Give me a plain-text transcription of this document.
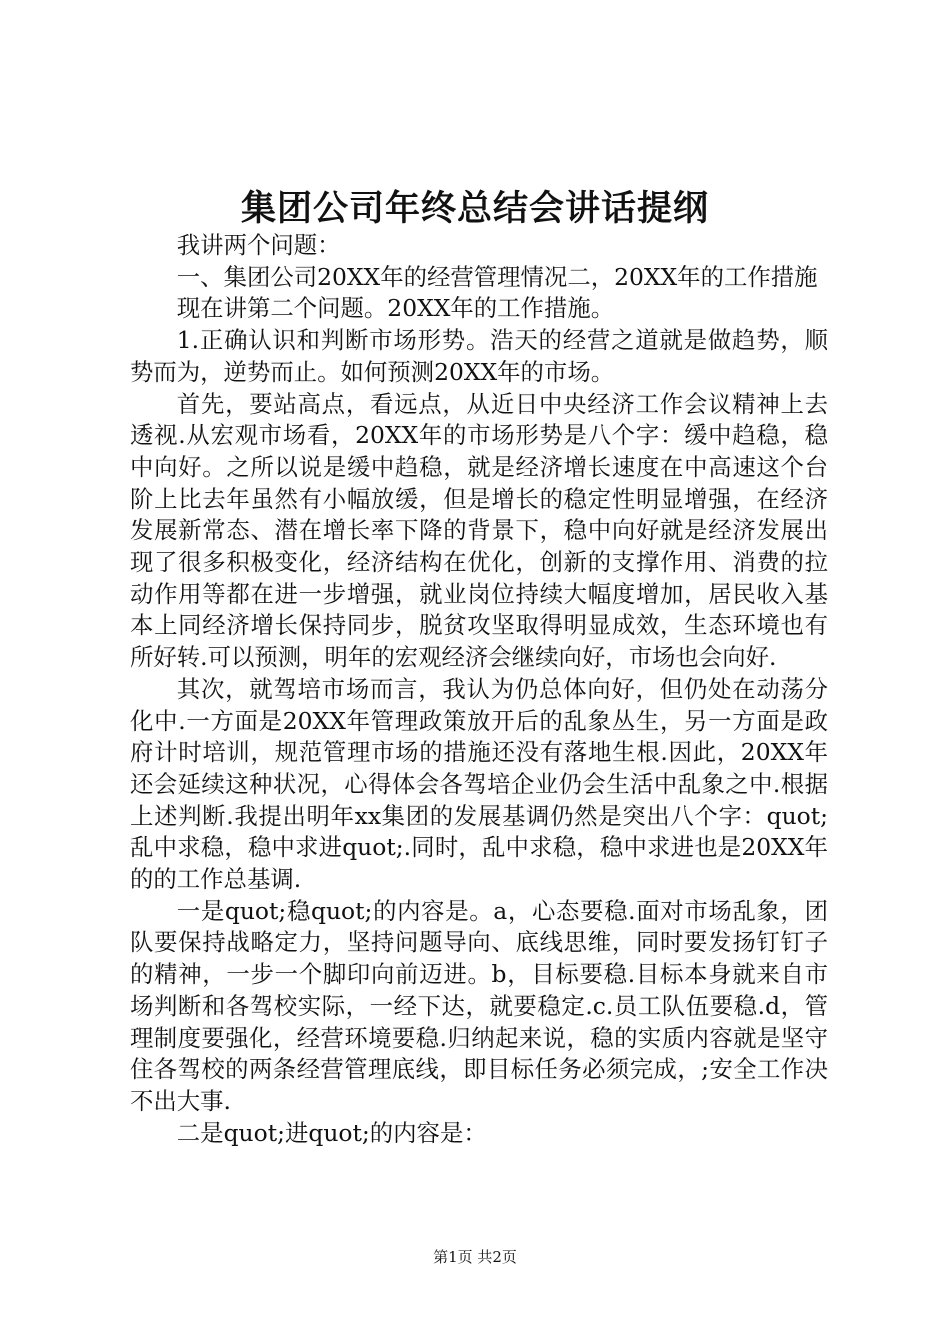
集团公司年终总结会讲话提纲

我讲两个问题：

一、集团公司20XX年的经营管理情况二，20XX年的工作措施

现在讲第二个问题。20XX年的工作措施。

1.正确认识和判断市场形势。浩天的经营之道就是做趋势，顺势而为，逆势而止。如何预测20XX年的市场。

首先，要站高点，看远点，从近日中央经济工作会议精神上去透视.从宏观市场看，20XX年的市场形势是八个字：缓中趋稳，稳中向好。之所以说是缓中趋稳，就是经济增长速度在中高速这个台阶上比去年虽然有小幅放缓，但是增长的稳定性明显增强，在经济发展新常态、潜在增长率下降的背景下，稳中向好就是经济发展出现了很多积极变化，经济结构在优化，创新的支撑作用、消费的拉动作用等都在进一步增强，就业岗位持续大幅度增加，居民收入基本上同经济增长保持同步，脱贫攻坚取得明显成效，生态环境也有所好转.可以预测，明年的宏观经济会继续向好，市场也会向好.

其次，就驾培市场而言，我认为仍总体向好，但仍处在动荡分化中.一方面是20XX年管理政策放开后的乱象丛生，另一方面是政府计时培训，规范管理市场的措施还没有落地生根.因此，20XX年还会延续这种状况，心得体会各驾培企业仍会生活中乱象之中.根据上述判断.我提出明年xx集团的发展基调仍然是突出八个字：quot;乱中求稳，稳中求进quot;.同时，乱中求稳，稳中求进也是20XX年的的工作总基调.

一是quot;稳quot;的内容是。a，心态要稳.面对市场乱象，团队要保持战略定力，坚持问题导向、底线思维，同时要发扬钉钉子的精神，一步一个脚印向前迈进。b，目标要稳.目标本身就来自市场判断和各驾校实际，一经下达，就要稳定.c.员工队伍要稳.d，管理制度要强化，经营环境要稳.归纳起来说，稳的实质内容就是坚守住各驾校的两条经营管理底线，即目标任务必须完成，;安全工作决不出大事.

二是quot;进quot;的内容是：

第1页 共2页
